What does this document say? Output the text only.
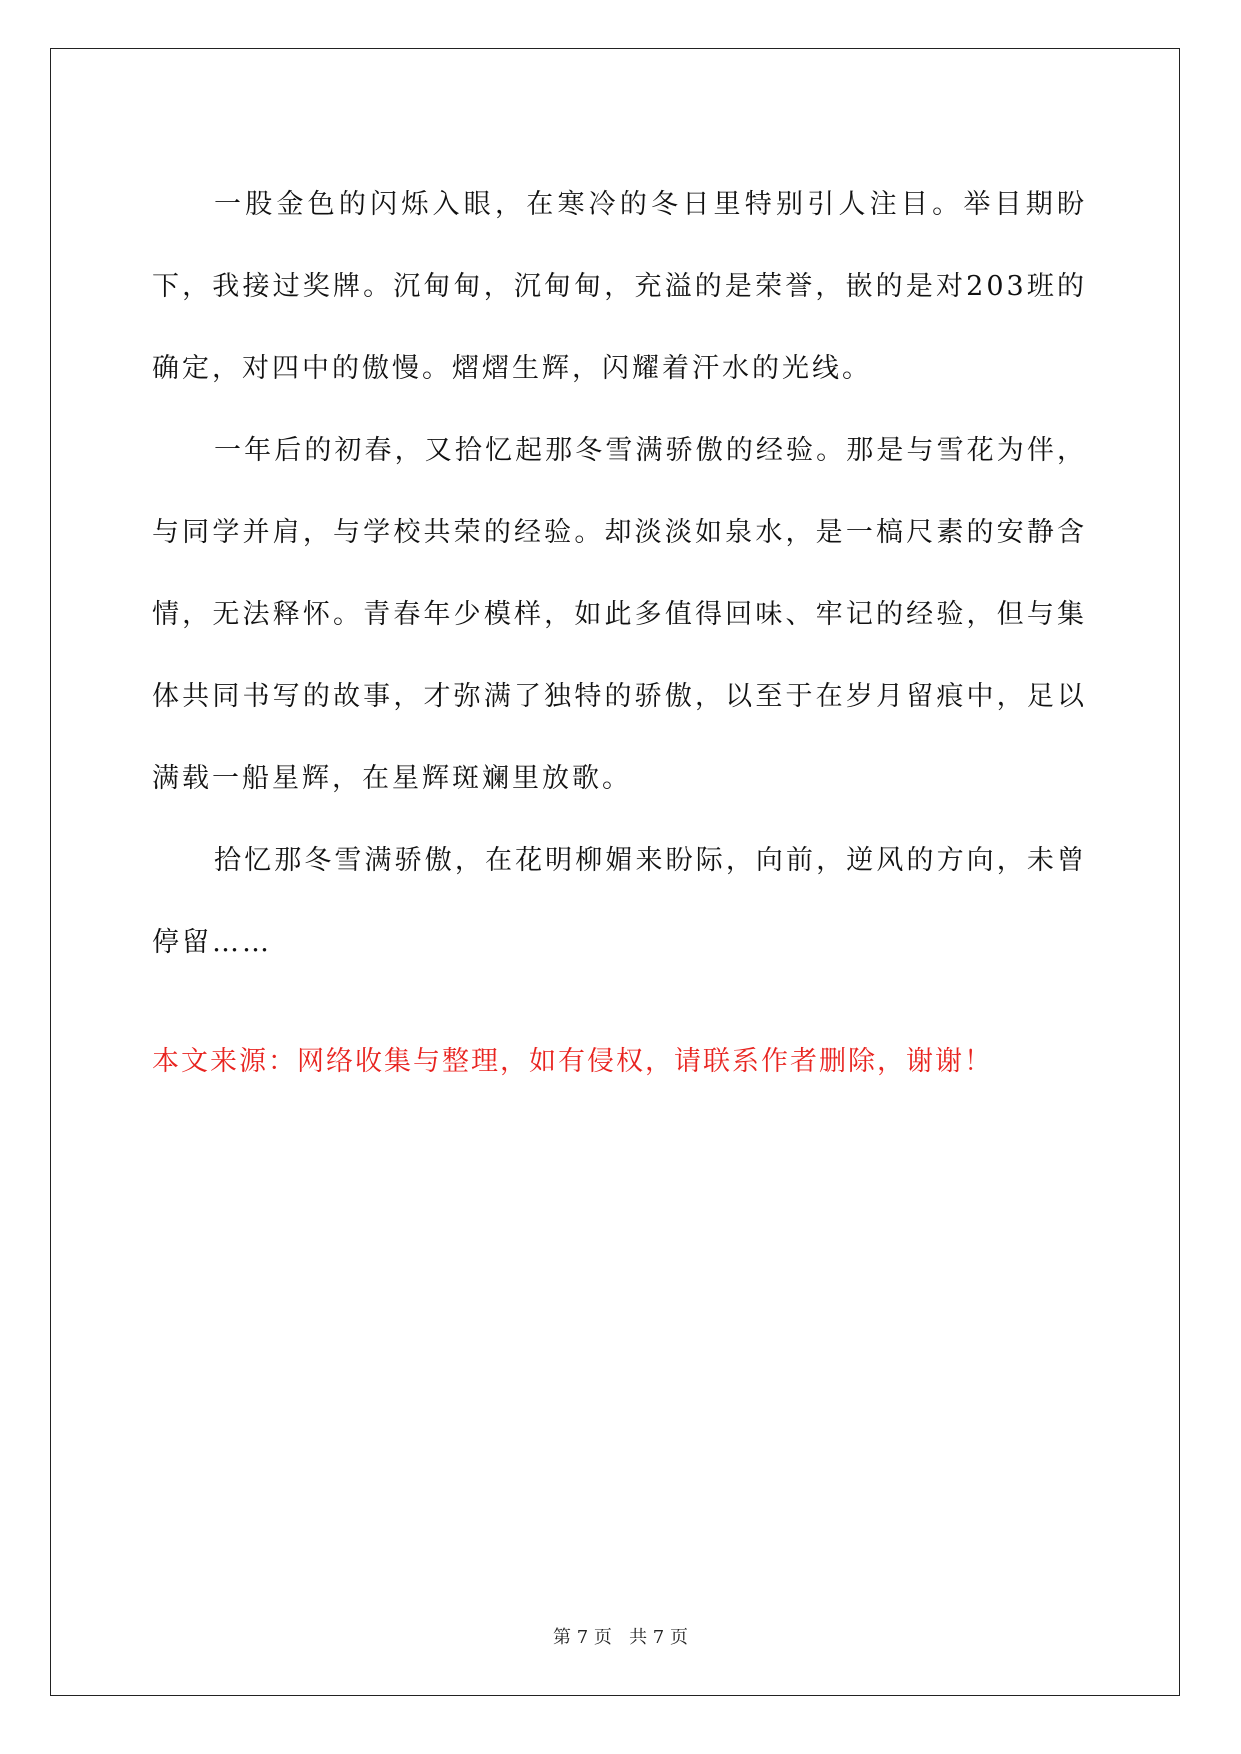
一股金色的闪烁入眼，在寒冷的冬日里特别引人注目。举目期盼下，我接过奖牌。沉甸甸，沉甸甸，充溢的是荣誉，嵌的是对203班的确定，对四中的傲慢。熠熠生辉，闪耀着汗水的光线。

一年后的初春，又拾忆起那冬雪满骄傲的经验。那是与雪花为伴，与同学并肩，与学校共荣的经验。却淡淡如泉水，是一槁尺素的安静含情，无法释怀。青春年少模样，如此多值得回味、牢记的经验，但与集体共同书写的故事，才弥满了独特的骄傲，以至于在岁月留痕中，足以满载一船星辉，在星辉斑斓里放歌。

拾忆那冬雪满骄傲，在花明柳媚来盼际，向前，逆风的方向，未曾停留……

本文来源：网络收集与整理，如有侵权，请联系作者删除，谢谢！

第 7 页 共 7 页
